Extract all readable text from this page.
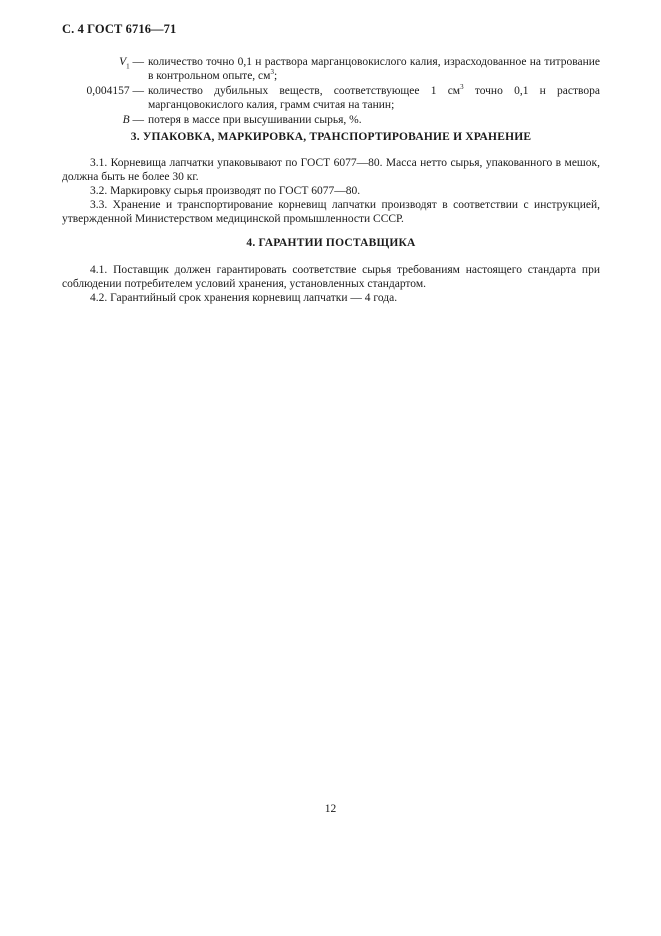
С. 4 ГОСТ 6716—71
$V_1$ — количество точно 0,1 н раствора марганцовокислого калия, израсходованное на титрование в контрольном опыте, $см^3$;
0,004157 — количество дубильных веществ, соответствующее 1 $см^3$ точно 0,1 н раствора марганцовокислого калия, грамм считая на танин;
B — потеря в массе при высушивании сырья, %.
3. УПАКОВКА, МАРКИРОВКА, ТРАНСПОРТИРОВАНИЕ И ХРАНЕНИЕ
3.1. Корневища лапчатки упаковывают по ГОСТ 6077—80. Масса нетто сырья, упакованного в мешок, должна быть не более 30 кг.
3.2. Маркировку сырья производят по ГОСТ 6077—80.
3.3. Хранение и транспортирование корневищ лапчатки производят в соответствии с инструкцией, утвержденной Министерством медицинской промышленности СССР.
4. ГАРАНТИИ ПОСТАВЩИКА
4.1. Поставщик должен гарантировать соответствие сырья требованиям настоящего стандарта при соблюдении потребителем условий хранения, установленных стандартом.
4.2. Гарантийный срок хранения корневищ лапчатки — 4 года.
12
